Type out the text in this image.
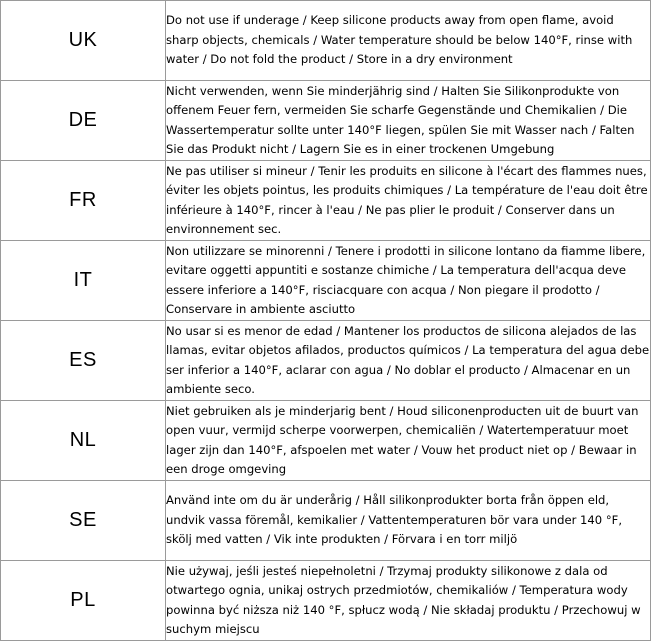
UK	Do not use if underage / Keep silicone products away from open flame, avoid sharp objects, chemicals / Water temperature should be below 140°F, rinse with water / Do not fold the product / Store in a dry environment
DE	Nicht verwenden, wenn Sie minderjährig sind / Halten Sie Silikonprodukte von offenem Feuer fern, vermeiden Sie scharfe Gegenstände und Chemikalien / Die Wassertemperatur sollte unter 140°F liegen, spülen Sie mit Wasser nach / Falten Sie das Produkt nicht / Lagern Sie es in einer trockenen Umgebung
FR	Ne pas utiliser si mineur / Tenir les produits en silicone à l'écart des flammes nues, éviter les objets pointus, les produits chimiques / La température de l'eau doit être inférieure à 140°F, rincer à l'eau / Ne pas plier le produit / Conserver dans un environnement sec.
IT	Non utilizzare se minorenni / Tenere i prodotti in silicone lontano da fiamme libere, evitare oggetti appuntiti e sostanze chimiche / La temperatura dell'acqua deve essere inferiore a 140°F, risciacquare con acqua / Non piegare il prodotto / Conservare in ambiente asciutto
ES	No usar si es menor de edad / Mantener los productos de silicona alejados de las llamas, evitar objetos afilados, productos químicos / La temperatura del agua debe ser inferior a 140°F, aclarar con agua / No doblar el producto / Almacenar en un ambiente seco.
NL	Niet gebruiken als je minderjarig bent / Houd siliconenproducten uit de buurt van open vuur, vermijd scherpe voorwerpen, chemicaliën / Watertemperatuur moet lager zijn dan 140°F, afspoelen met water / Vouw het product niet op / Bewaar in een droge omgeving
SE	Använd inte om du är underårig / Håll silikonprodukter borta från öppen eld, undvik vassa föremål, kemikalier / Vattentemperaturen bör vara under 140 °F, skölj med vatten / Vik inte produkten / Förvara i en torr miljö
PL	Nie używaj, jeśli jesteś niepełnoletni / Trzymaj produkty silikonowe z dala od otwartego ognia, unikaj ostrych przedmiotów, chemikaliów / Temperatura wody powinna być niższa niż 140 °F, spłucz wodą / Nie składaj produktu / Przechowuj w suchym miejscu
